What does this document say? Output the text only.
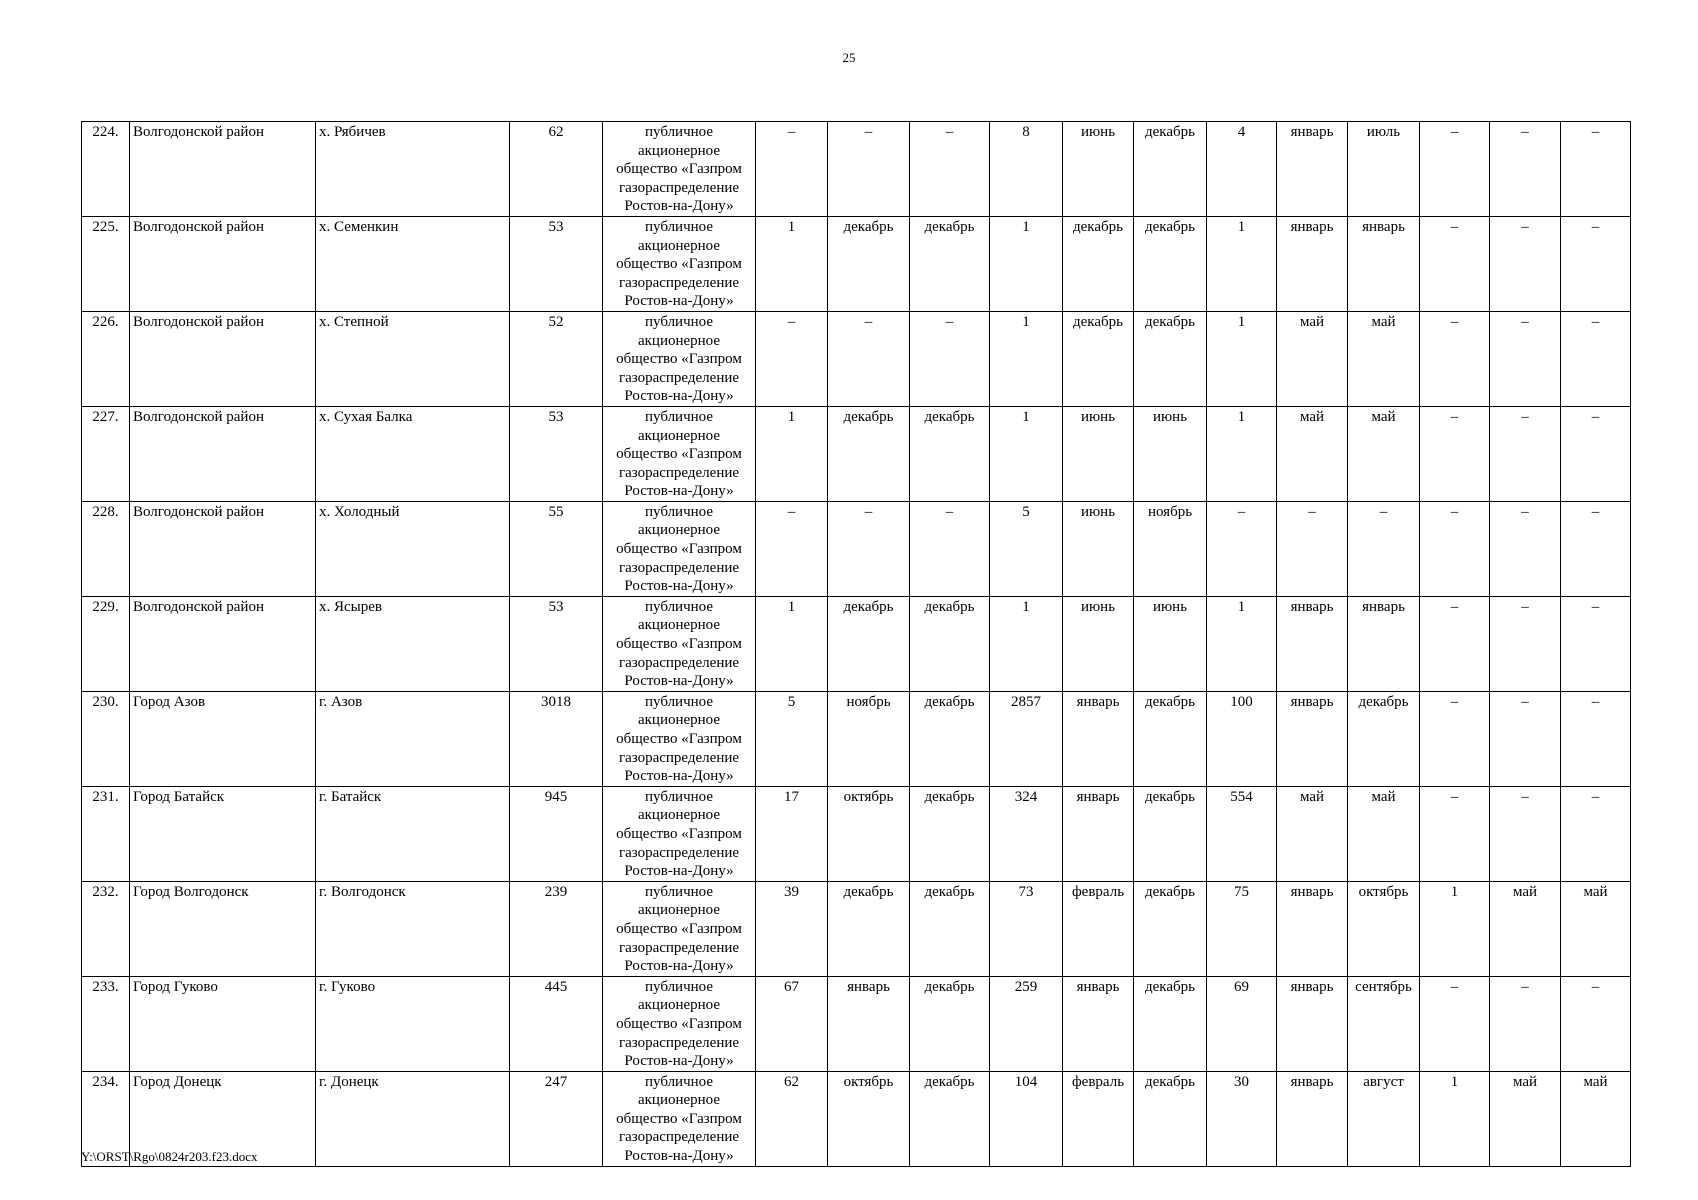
25
224.	Волгодонской район	х. Рябичев	62	публичное акционерное общество «Газпром газораспределение Ростов-на-Дону»	–	–	–	8	июнь	декабрь	4	январь	июль	–	–	–
225.	Волгодонской район	х. Семенкин	53	публичное акционерное общество «Газпром газораспределение Ростов-на-Дону»	1	декабрь	декабрь	1	декабрь	декабрь	1	январь	январь	–	–	–
226.	Волгодонской район	х. Степной	52	публичное акционерное общество «Газпром газораспределение Ростов-на-Дону»	–	–	–	1	декабрь	декабрь	1	май	май	–	–	–
227.	Волгодонской район	х. Сухая Балка	53	публичное акционерное общество «Газпром газораспределение Ростов-на-Дону»	1	декабрь	декабрь	1	июнь	июнь	1	май	май	–	–	–
228.	Волгодонской район	х. Холодный	55	публичное акционерное общество «Газпром газораспределение Ростов-на-Дону»	–	–	–	5	июнь	ноябрь	–	–	–	–	–	–
229.	Волгодонской район	х. Ясырев	53	публичное акционерное общество «Газпром газораспределение Ростов-на-Дону»	1	декабрь	декабрь	1	июнь	июнь	1	январь	январь	–	–	–
230.	Город Азов	г. Азов	3018	публичное акционерное общество «Газпром газораспределение Ростов-на-Дону»	5	ноябрь	декабрь	2857	январь	декабрь	100	январь	декабрь	–	–	–
231.	Город Батайск	г. Батайск	945	публичное акционерное общество «Газпром газораспределение Ростов-на-Дону»	17	октябрь	декабрь	324	январь	декабрь	554	май	май	–	–	–
232.	Город Волгодонск	г. Волгодонск	239	публичное акционерное общество «Газпром газораспределение Ростов-на-Дону»	39	декабрь	декабрь	73	февраль	декабрь	75	январь	октябрь	1	май	май
233.	Город Гуково	г. Гуково	445	публичное акционерное общество «Газпром газораспределение Ростов-на-Дону»	67	январь	декабрь	259	январь	декабрь	69	январь	сентябрь	–	–	–
234.	Город Донецк	г. Донецк	247	публичное акционерное общество «Газпром газораспределение Ростов-на-Дону»	62	октябрь	декабрь	104	февраль	декабрь	30	январь	август	1	май	май
Y:\ORST\Rgo\0824r203.f23.docx
